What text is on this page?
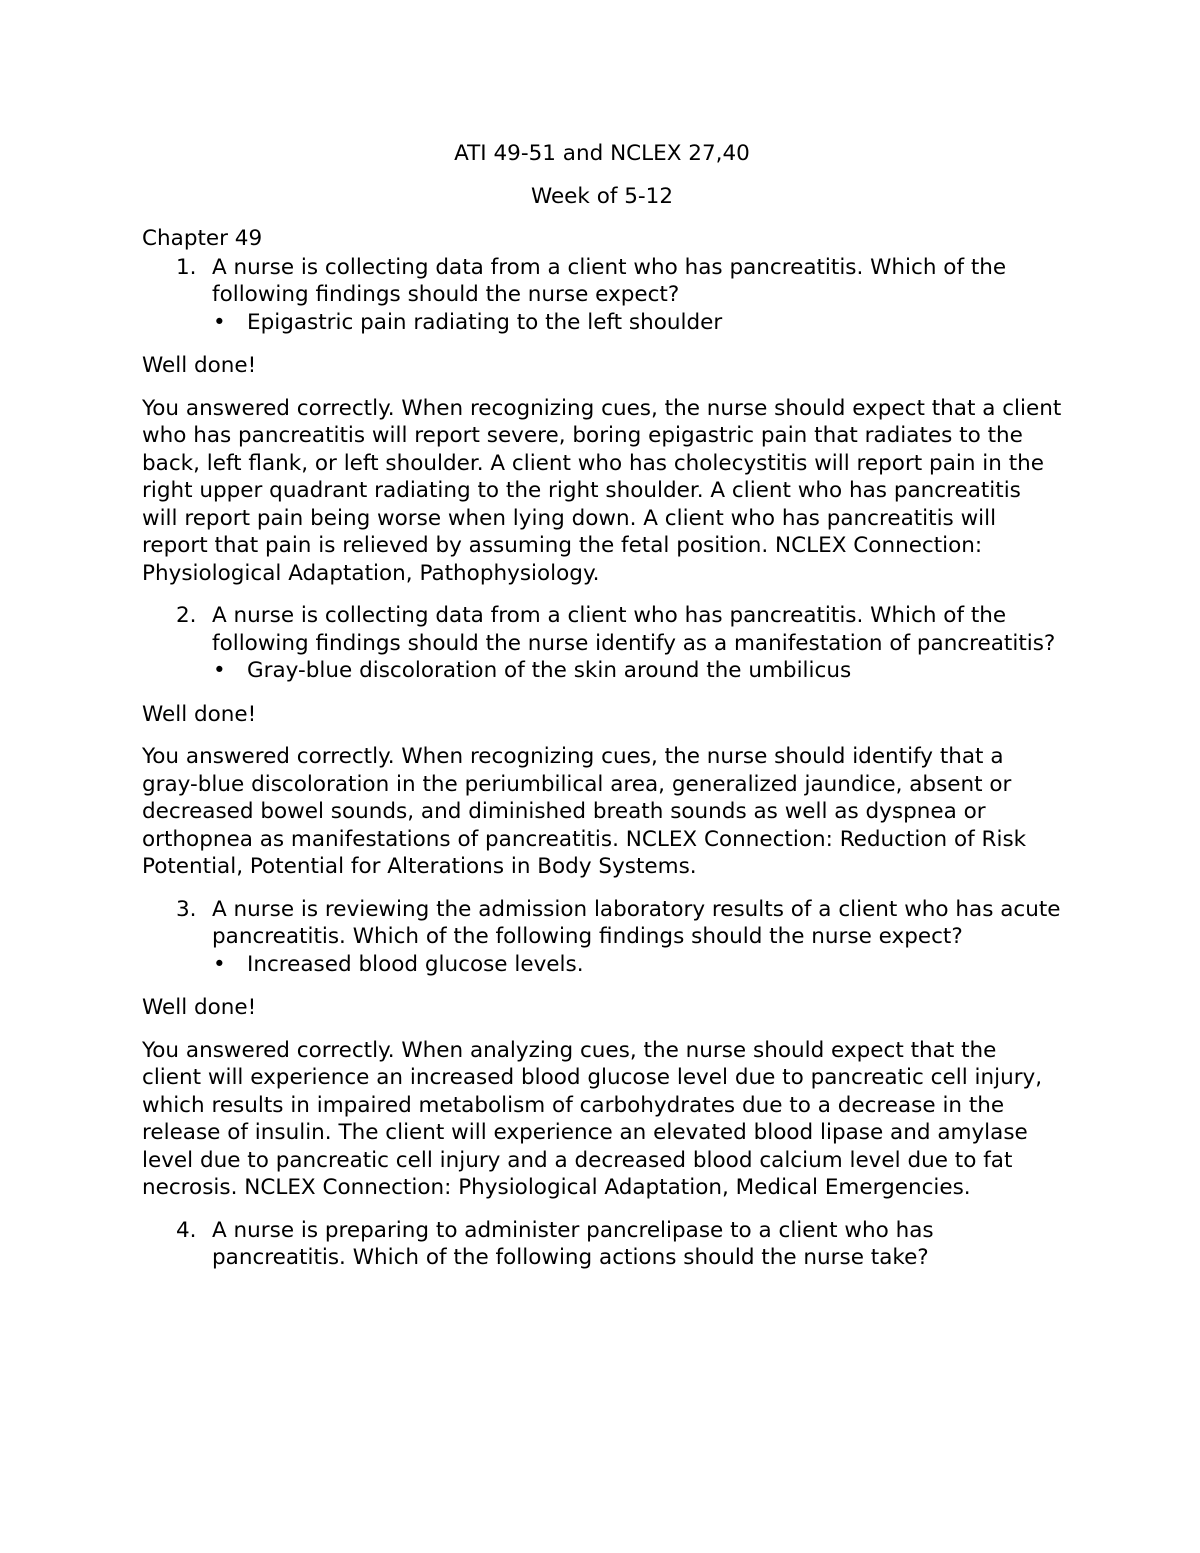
ATI 49-51 and NCLEX 27,40

Week of 5-12

Chapter 49

1. A nurse is collecting data from a client who has pancreatitis. Which of the following findings should the nurse expect?
• Epigastric pain radiating to the left shoulder

Well done!

You answered correctly. When recognizing cues, the nurse should expect that a client who has pancreatitis will report severe, boring epigastric pain that radiates to the back, left flank, or left shoulder. A client who has cholecystitis will report pain in the right upper quadrant radiating to the right shoulder. A client who has pancreatitis will report pain being worse when lying down. A client who has pancreatitis will report that pain is relieved by assuming the fetal position. NCLEX Connection: Physiological Adaptation, Pathophysiology.

2. A nurse is collecting data from a client who has pancreatitis. Which of the following findings should the nurse identify as a manifestation of pancreatitis?
• Gray-blue discoloration of the skin around the umbilicus

Well done!

You answered correctly. When recognizing cues, the nurse should identify that a gray-blue discoloration in the periumbilical area, generalized jaundice, absent or decreased bowel sounds, and diminished breath sounds as well as dyspnea or orthopnea as manifestations of pancreatitis. NCLEX Connection: Reduction of Risk Potential, Potential for Alterations in Body Systems.

3. A nurse is reviewing the admission laboratory results of a client who has acute pancreatitis. Which of the following findings should the nurse expect?
• Increased blood glucose levels.

Well done!

You answered correctly. When analyzing cues, the nurse should expect that the client will experience an increased blood glucose level due to pancreatic cell injury, which results in impaired metabolism of carbohydrates due to a decrease in the release of insulin. The client will experience an elevated blood lipase and amylase level due to pancreatic cell injury and a decreased blood calcium level due to fat necrosis. NCLEX Connection: Physiological Adaptation, Medical Emergencies.

4. A nurse is preparing to administer pancrelipase to a client who has pancreatitis. Which of the following actions should the nurse take?
